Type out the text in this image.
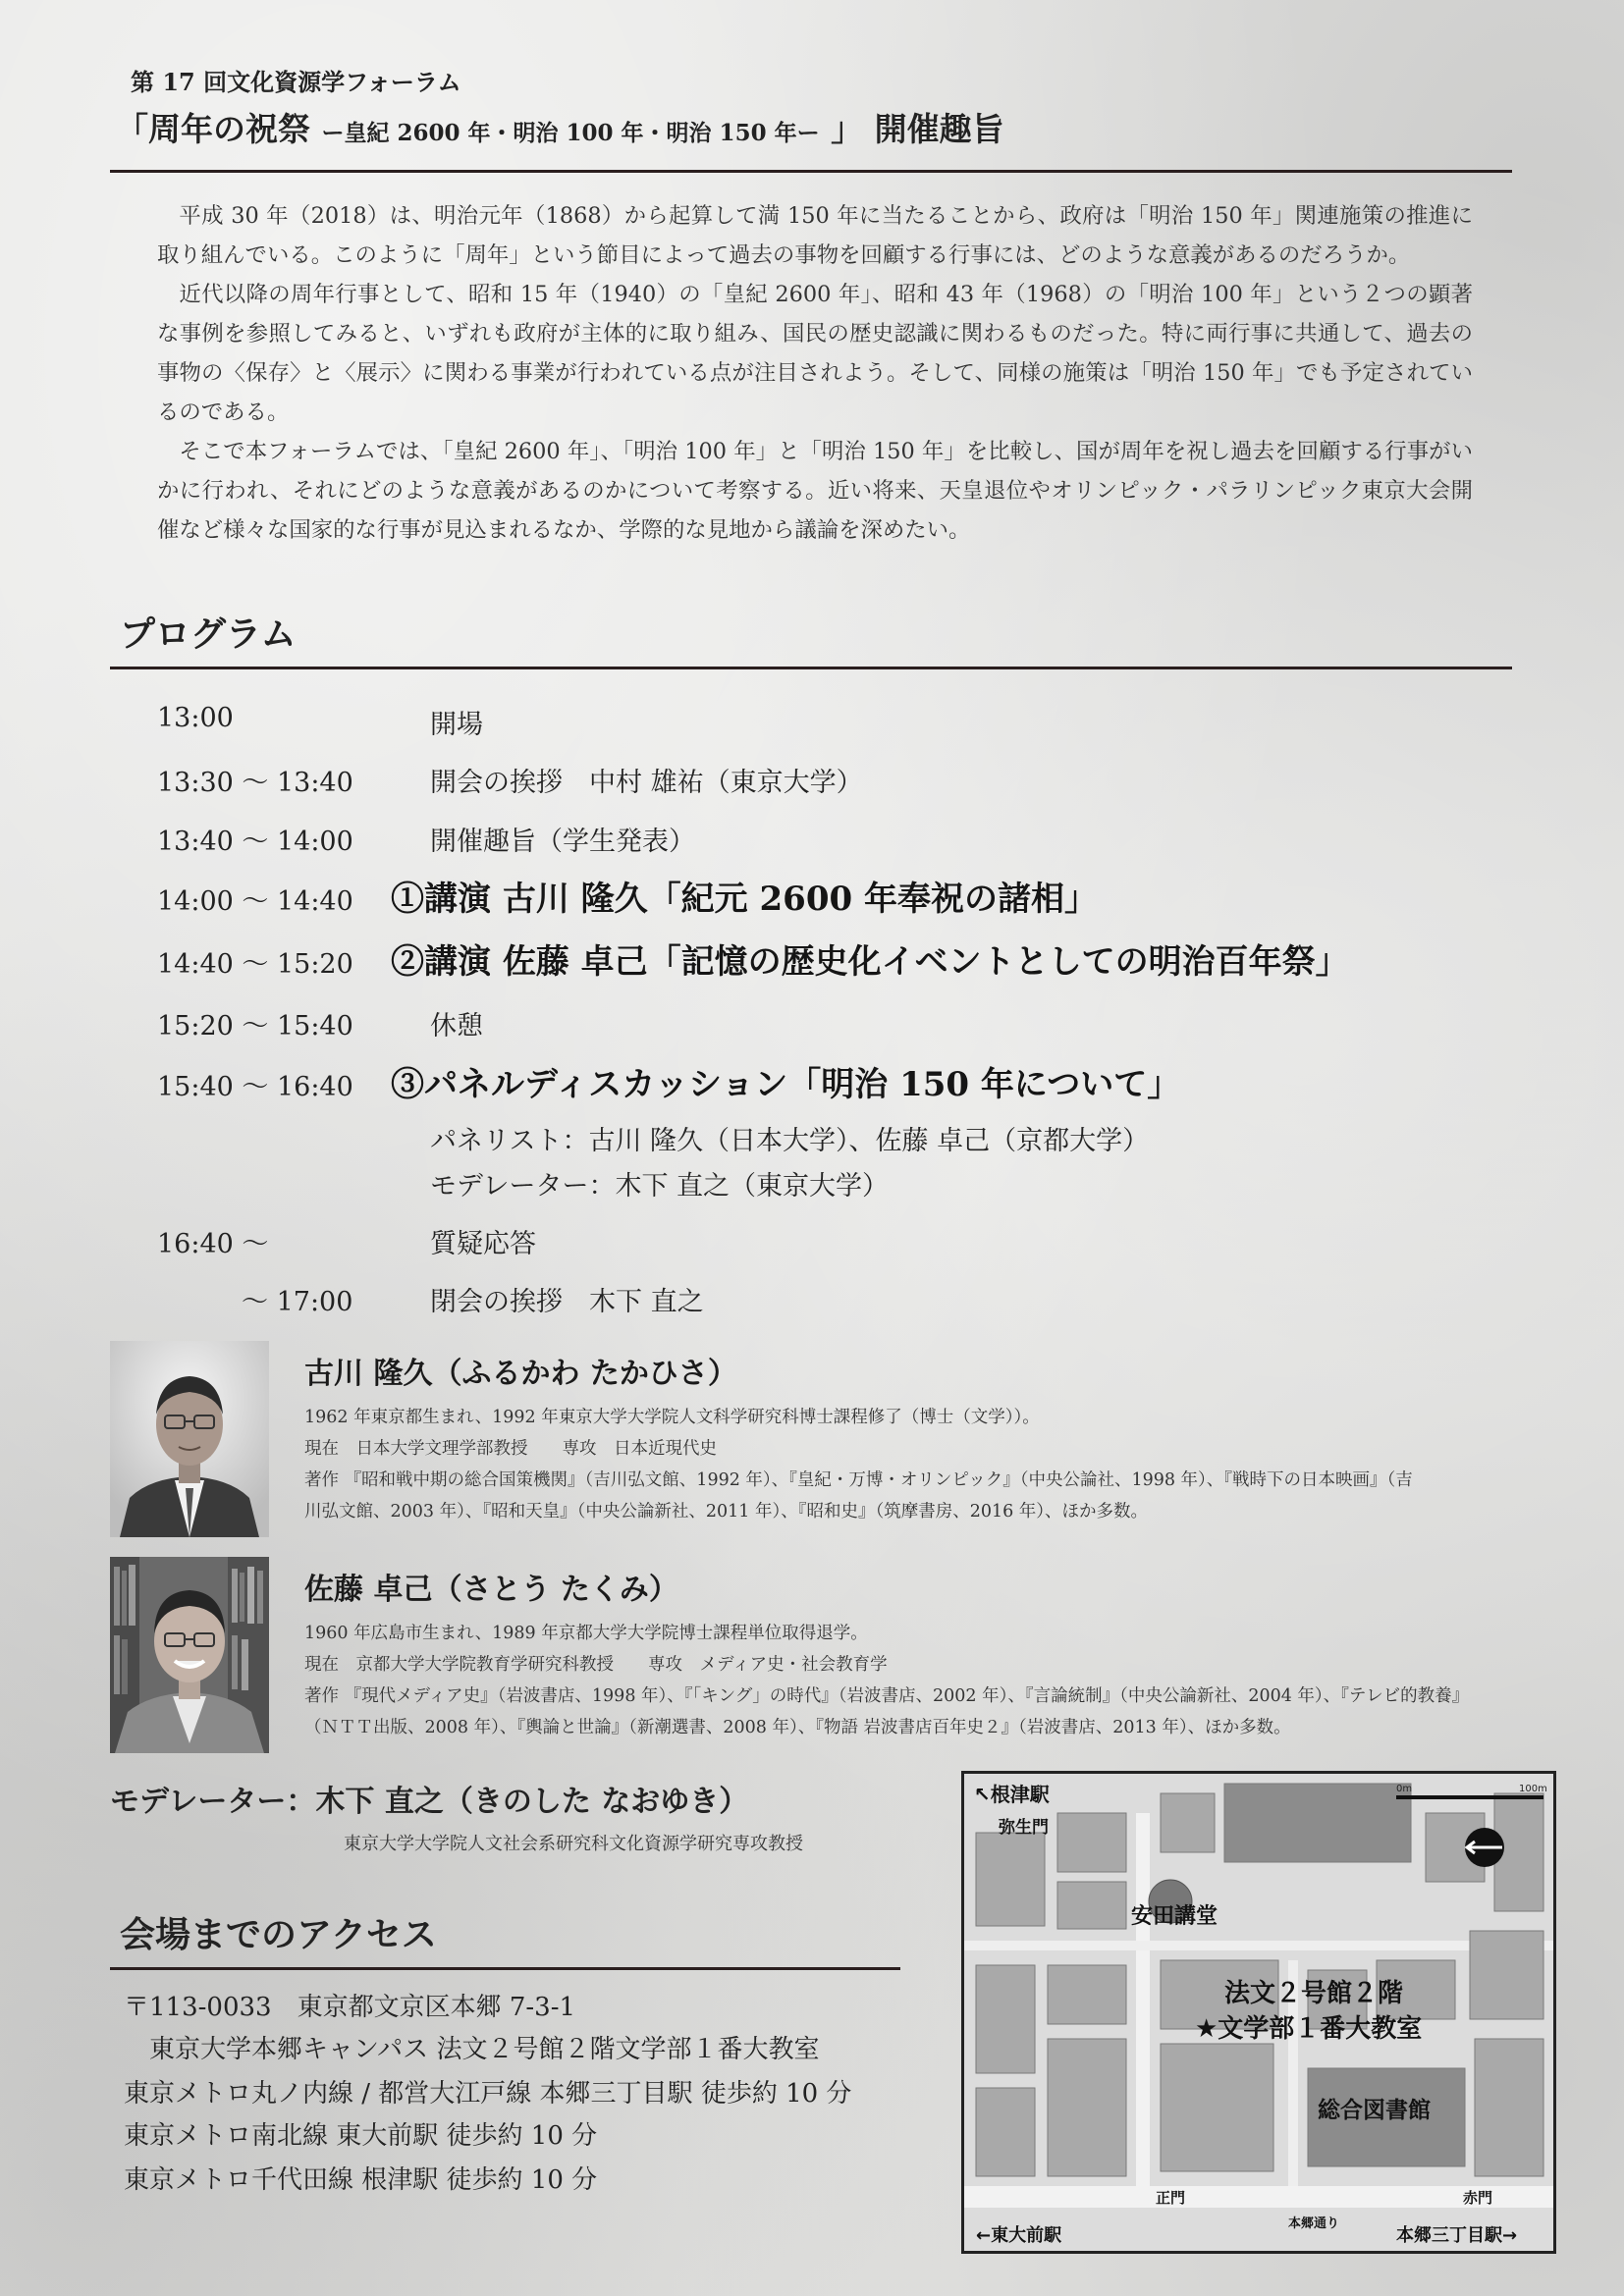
第 17 回文化資源学フォーラム
「周年の祝祭 ー皇紀 2600 年・明治 100 年・明治 150 年ー 」 開催趣旨

平成 30 年（2018）は、明治元年（1868）から起算して満 150 年に当たることから、政府は「明治 150 年」関連施策の推進に取り組んでいる。このように「周年」という節目によって過去の事物を回顧する行事には、どのような意義があるのだろうか。

近代以降の周年行事として、昭和 15 年（1940）の「皇紀 2600 年」、昭和 43 年（1968）の「明治 100 年」という２つの顕著な事例を参照してみると、いずれも政府が主体的に取り組み、国民の歴史認識に関わるものだった。特に両行事に共通して、過去の事物の〈保存〉と〈展示〉に関わる事業が行われている点が注目されよう。そして、同様の施策は「明治 150 年」でも予定されているのである。

そこで本フォーラムでは、「皇紀 2600 年」、「明治 100 年」と「明治 150 年」を比較し、国が周年を祝し過去を回顧する行事がいかに行われ、それにどのような意義があるのかについて考察する。近い将来、天皇退位やオリンピック・パラリンピック東京大会開催など様々な国家的な行事が見込まれるなか、学際的な見地から議論を深めたい。

プログラム
13:00	開場
13:30 〜 13:40	開会の挨拶　中村 雄祐（東京大学）
13:40 〜 14:00	開催趣旨（学生発表）
14:00 〜 14:40 ①講演 古川 隆久「紀元 2600 年奉祝の諸相」
14:40 〜 15:20 ②講演 佐藤 卓己「記憶の歴史化イベントとしての明治百年祭」
15:20 〜 15:40	休憩
15:40 〜 16:40 ③パネルディスカッション「明治 150 年について」
パネリスト：古川 隆久（日本大学）、佐藤 卓己（京都大学）
モデレーター：木下 直之（東京大学）
16:40 〜	質疑応答
〜 17:00	閉会の挨拶　木下 直之
古川 隆久（ふるかわ たかひさ）
1962 年東京都生まれ、1992 年東京大学大学院人文科学研究科博士課程修了（博士（文学））。
現在　日本大学文理学部教授　　専攻　日本近現代史
著作 『昭和戦中期の総合国策機関』（吉川弘文館、1992 年）、『皇紀・万博・オリンピック』（中央公論社、1998 年）、『戦時下の日本映画』（吉
川弘文館、2003 年）、『昭和天皇』（中央公論新社、2011 年）、『昭和史』（筑摩書房、2016 年）、ほか多数。
佐藤 卓己（さとう たくみ）
1960 年広島市生まれ、1989 年京都大学大学院博士課程単位取得退学。
現在　京都大学大学院教育学研究科教授　　専攻　メディア史・社会教育学
著作 『現代メディア史』（岩波書店、1998 年）、『「キング」の時代』（岩波書店、2002 年）、『言論統制』（中央公論新社、2004 年）、『テレビ的教養』
（ＮＴＴ出版、2008 年）、『輿論と世論』（新潮選書、2008 年）、『物語 岩波書店百年史２』（岩波書店、2013 年）、ほか多数。
モデレーター：木下 直之（きのした なおゆき）
東京大学大学院人文社会系研究科文化資源学研究専攻教授
会場までのアクセス
〒113-0033　東京都文京区本郷 7-3-1
東京大学本郷キャンパス 法文２号館２階文学部１番大教室
東京メトロ丸ノ内線 / 都営大江戸線 本郷三丁目駅 徒歩約 10 分
東京メトロ南北線 東大前駅 徒歩約 10 分
東京メトロ千代田線 根津駅 徒歩約 10 分
0m	100m
↖根津駅
弥生門
安田講堂
法文２号館２階
★文学部１番大教室
総合図書館
正門	赤門
本郷通り
←東大前駅	本郷三丁目駅→
